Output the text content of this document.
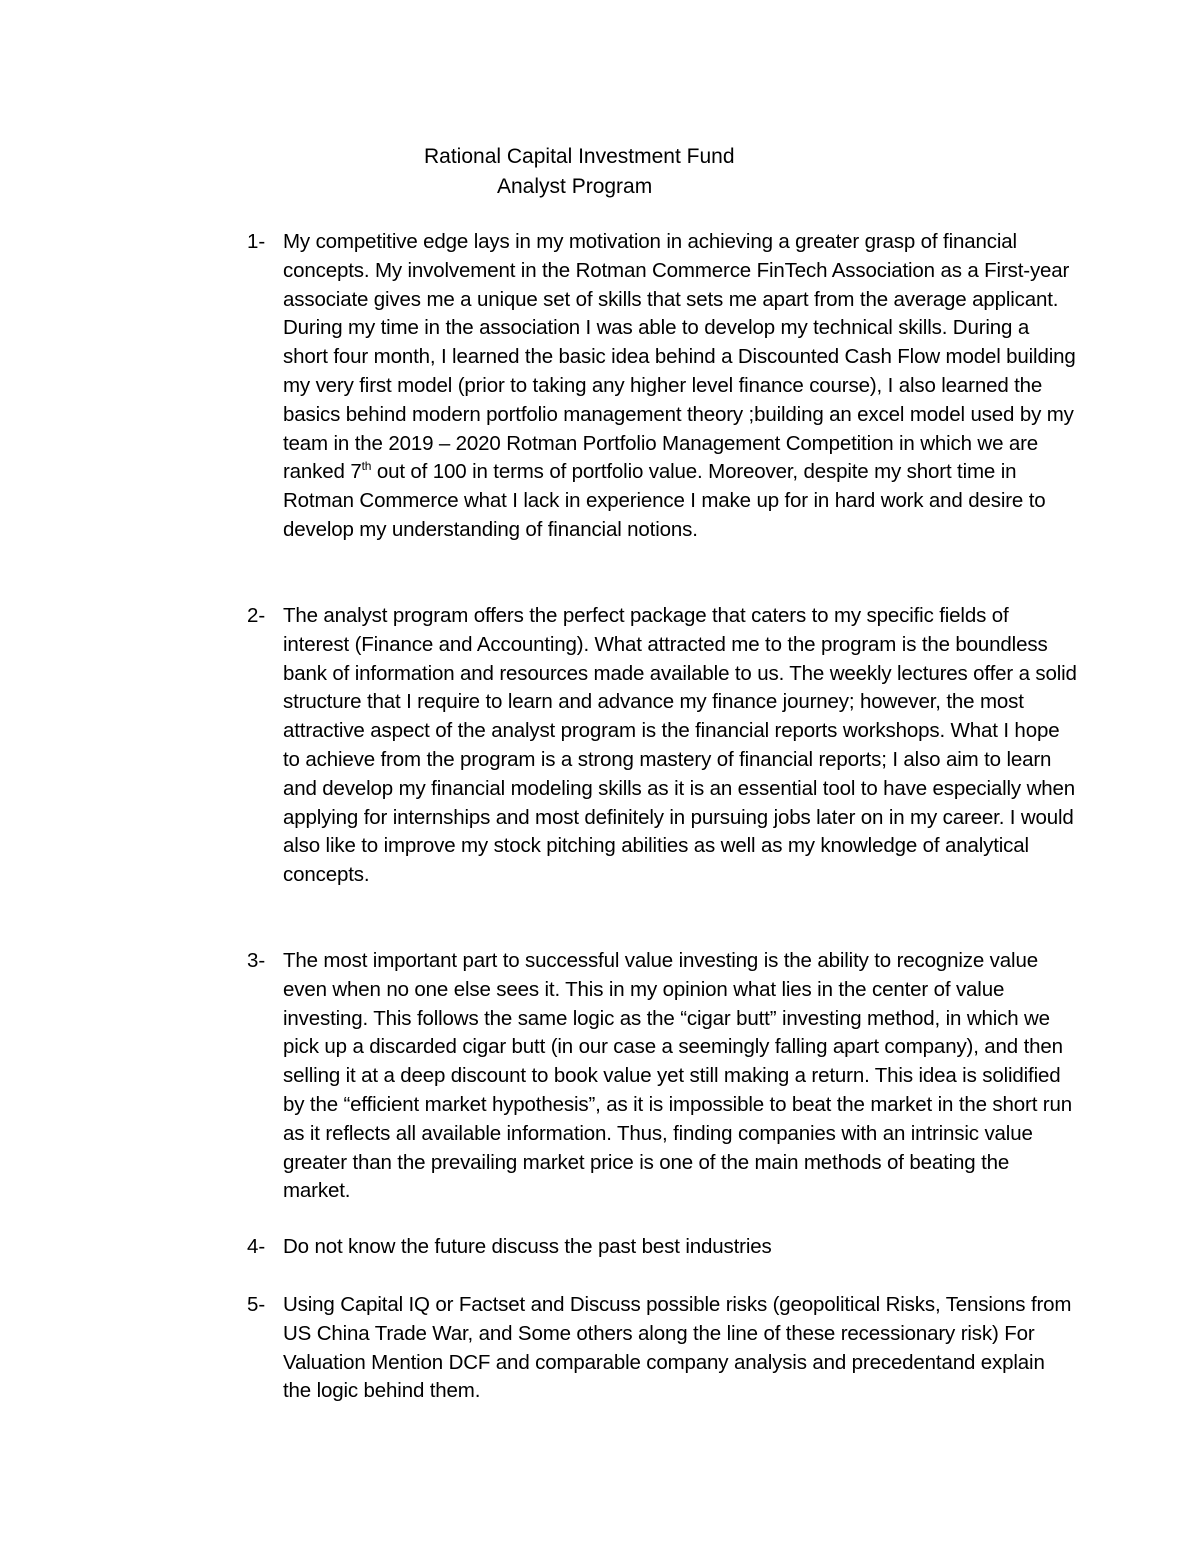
Rational Capital Investment Fund
Analyst Program
1- My competitive edge lays in my motivation in achieving a greater grasp of financial concepts. My involvement in the Rotman Commerce FinTech Association as a First-year associate gives me a unique set of skills that sets me apart from the average applicant. During my time in the association I was able to develop my technical skills. During a short four month, I learned the basic idea behind a Discounted Cash Flow model building my very first model (prior to taking any higher level finance course), I also learned the basics behind modern portfolio management theory ;building an excel model used by my team in the 2019 – 2020 Rotman Portfolio Management Competition in which we are ranked 7th out of 100 in terms of portfolio value. Moreover, despite my short time in Rotman Commerce what I lack in experience I make up for in hard work and desire to develop my understanding of financial notions.
2- The analyst program offers the perfect package that caters to my specific fields of interest (Finance and Accounting). What attracted me to the program is the boundless bank of information and resources made available to us. The weekly lectures offer a solid structure that I require to learn and advance my finance journey; however, the most attractive aspect of the analyst program is the financial reports workshops. What I hope to achieve from the program is a strong mastery of financial reports; I also aim to learn and develop my financial modeling skills as it is an essential tool to have especially when applying for internships and most definitely in pursuing jobs later on in my career. I would also like to improve my stock pitching abilities as well as my knowledge of analytical concepts.
3- The most important part to successful value investing is the ability to recognize value even when no one else sees it. This in my opinion what lies in the center of value investing. This follows the same logic as the “cigar butt” investing method, in which we pick up a discarded cigar butt (in our case a seemingly falling apart company), and then selling it at a deep discount to book value yet still making a return. This idea is solidified by the “efficient market hypothesis”, as it is impossible to beat the market in the short run as it reflects all available information. Thus, finding companies with an intrinsic value greater than the prevailing market price is one of the main methods of beating the market.
4- Do not know the future discuss the past best industries
5- Using Capital IQ or Factset and Discuss possible risks (geopolitical Risks, Tensions from US China Trade War, and Some others along the line of these recessionary risk) For Valuation Mention DCF and comparable company analysis and precedentand explain the logic behind them.
